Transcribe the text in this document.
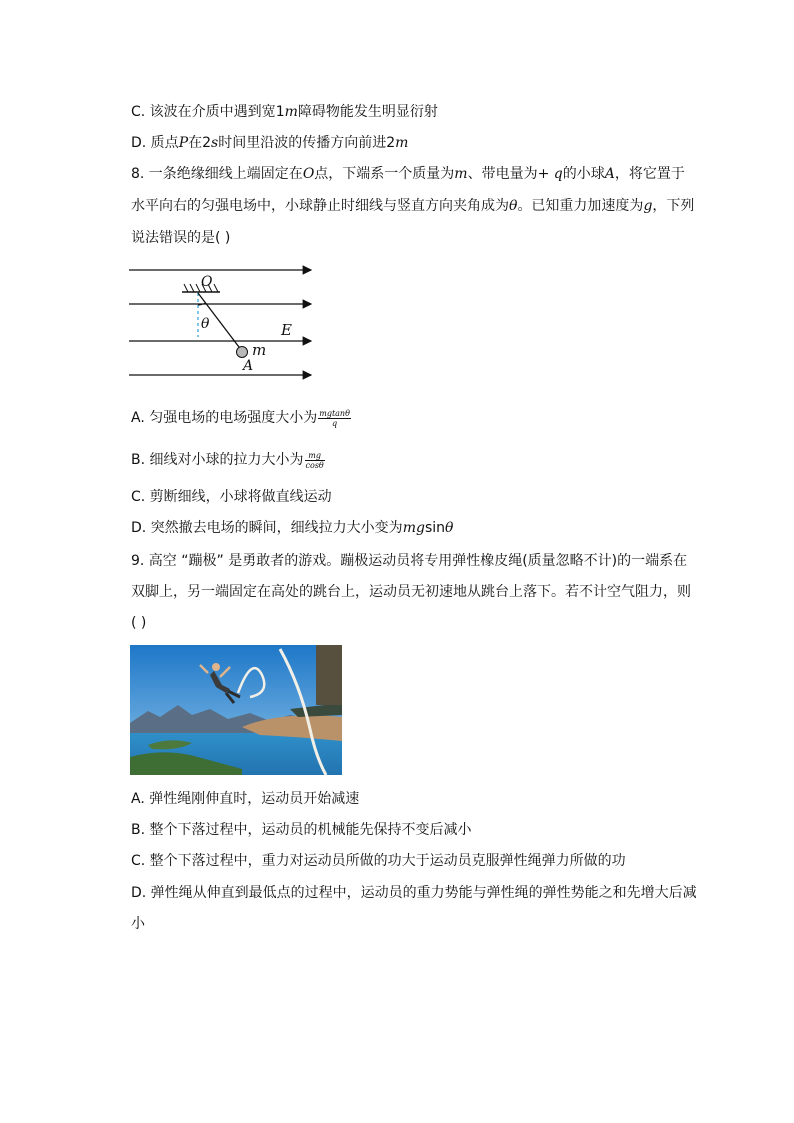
C. 该波在介质中遇到宽1m障碍物能发生明显衍射
D. 质点P在2s时间里沿波的传播方向前进2m
8. 一条绝缘细线上端固定在O点，下端系一个质量为m、带电量为+ q的小球A，将它置于
水平向右的匀强电场中，小球静止时细线与竖直方向夹角成为θ。已知重力加速度为g，下列
说法错误的是( )
O
θ	E
m
A
A. 匀强电场的电场强度大小为 $\frac{mgtan\theta}{q}$
B. 细线对小球的拉力大小为 $\frac{mg}{\cos\theta}$
C. 剪断细线，小球将做直线运动
D. 突然撤去电场的瞬间，细线拉力大小变为mgsinθ
9. 高空 “蹦极” 是勇敢者的游戏。蹦极运动员将专用弹性橡皮绳(质量忽略不计)的一端系在
双脚上，另一端固定在高处的跳台上，运动员无初速地从跳台上落下。若不计空气阻力，则
( )
A. 弹性绳刚伸直时，运动员开始减速
B. 整个下落过程中，运动员的机械能先保持不变后减小
C. 整个下落过程中，重力对运动员所做的功大于运动员克服弹性绳弹力所做的功
D. 弹性绳从伸直到最低点的过程中，运动员的重力势能与弹性绳的弹性势能之和先增大后减
小
